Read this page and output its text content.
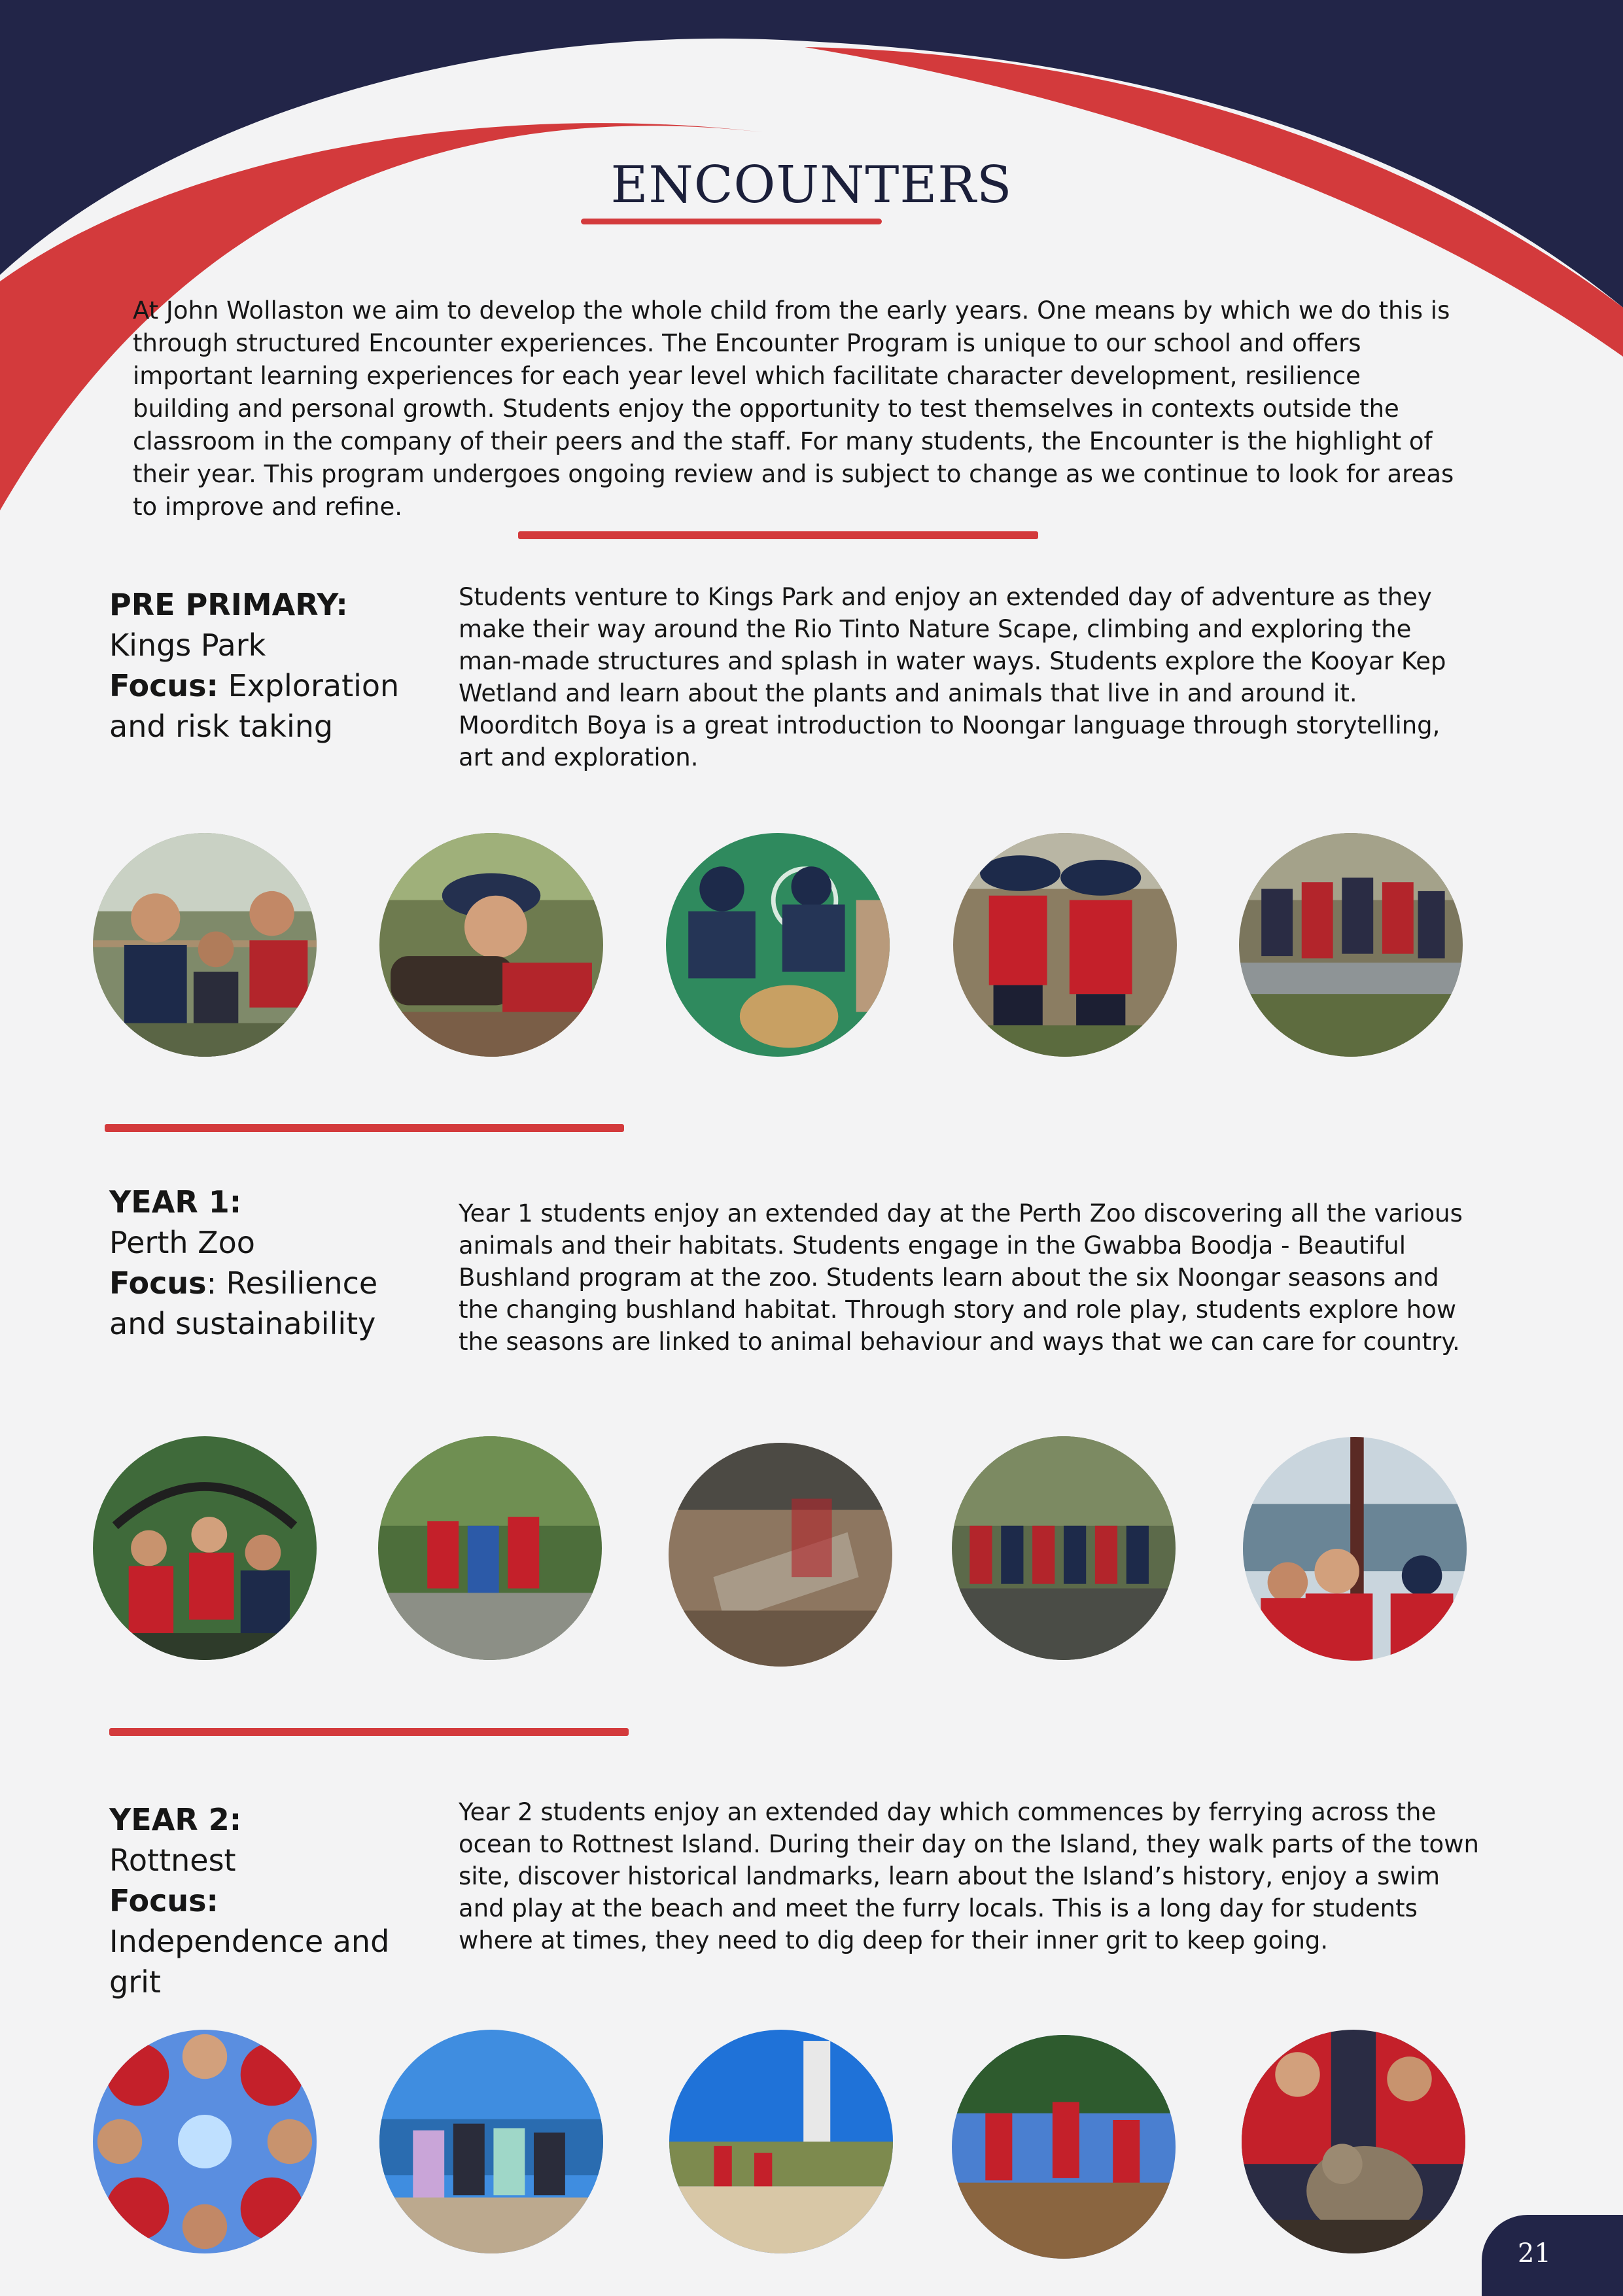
ENCOUNTERS

At John Wollaston we aim to develop the whole child from the early years. One means by which we do this is through structured Encounter experiences. The Encounter Program is unique to our school and offers important learning experiences for each year level which facilitate character development, resilience building and personal growth. Students enjoy the opportunity to test themselves in contexts outside the classroom in the company of their peers and the staff. For many students, the Encounter is the highlight of their year. This program undergoes ongoing review and is subject to change as we continue to look for areas to improve and refine.

PRE PRIMARY:
Kings Park
Focus: Exploration and risk taking

Students venture to Kings Park and enjoy an extended day of adventure as they make their way around the Rio Tinto Nature Scape, climbing and exploring the man-made structures and splash in water ways. Students explore the Kooyar Kep Wetland and learn about the plants and animals that live in and around it. Moorditch Boya is a great introduction to Noongar language through storytelling, art and exploration.

YEAR 1:
Perth Zoo
Focus: Resilience and sustainability

Year 1 students enjoy an extended day at the Perth Zoo discovering all the various animals and their habitats. Students engage in the Gwabba Boodja - Beautiful Bushland program at the zoo. Students learn about the six Noongar seasons and the changing bushland habitat. Through story and role play, students explore how the seasons are linked to animal behaviour and ways that we can care for country.

YEAR 2:
Rottnest
Focus: Independence and grit

Year 2 students enjoy an extended day which commences by ferrying across the ocean to Rottnest Island. During their day on the Island, they walk parts of the town site, discover historical landmarks, learn about the Island’s history, enjoy a swim and play at the beach and meet the furry locals. This is a long day for students where at times, they need to dig deep for their inner grit to keep going.

21
